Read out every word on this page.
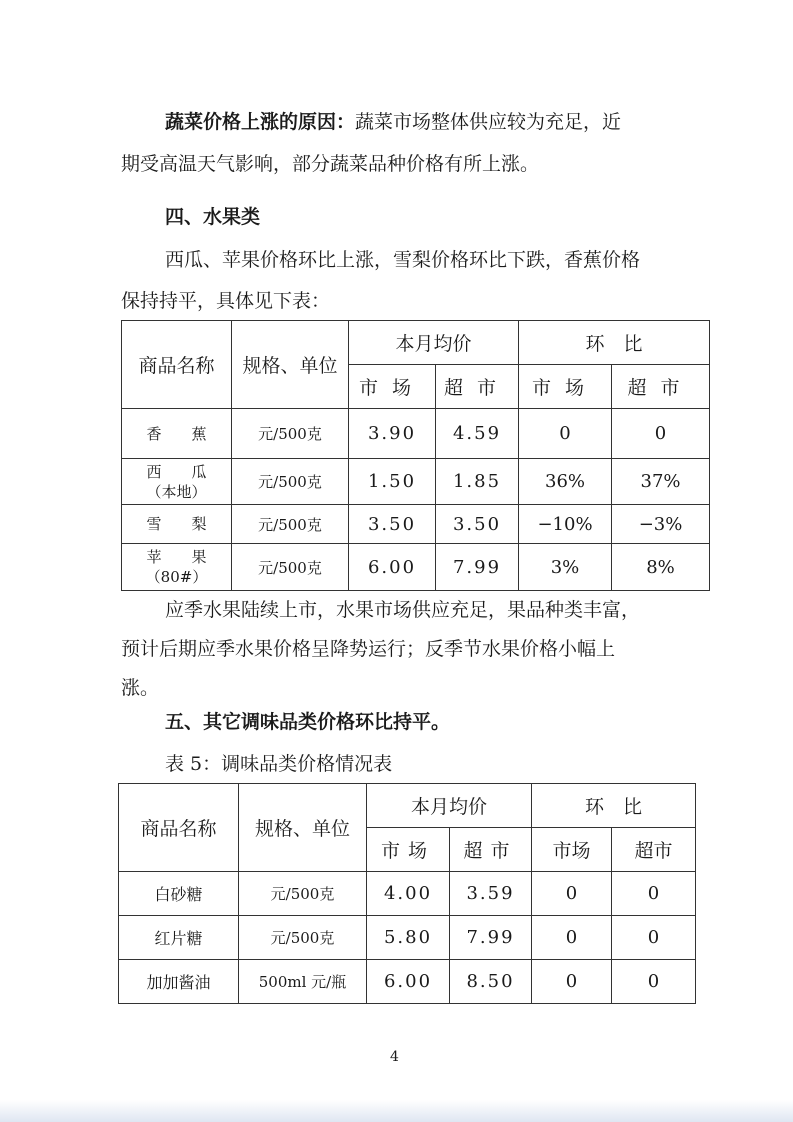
蔬菜价格上涨的原因：蔬菜市场整体供应较为充足，近

期受高温天气影响，部分蔬菜品种价格有所上涨。

四、水果类

西瓜、苹果价格环比上涨，雪梨价格环比下跌，香蕉价格

保持持平，具体见下表：

商品名称	规格、单位	本月均价		环　比	
		市场	超市	市场	超市
香　　蕉	元/500克	3.90	4.59	0	0
西　　瓜
（本地）	元/500克	1.50	1.85	36%	37%
雪　　梨	元/500克	3.50	3.50	−10%	−3%
苹　　果
（80#）	元/500克	6.00	7.99	3%	8%

应季水果陆续上市，水果市场供应充足，果品种类丰富，

预计后期应季水果价格呈降势运行；反季节水果价格小幅上

涨。

五、其它调味品类价格环比持平。

表 5：调味品类价格情况表

商品名称	规格、单位	本月均价		环　比	
		市场	超市	市场	超市
白砂糖	元/500克	4.00	3.59	0	0
红片糖	元/500克	5.80	7.99	0	0
加加酱油	500ml 元/瓶	6.00	8.50	0	0

4
